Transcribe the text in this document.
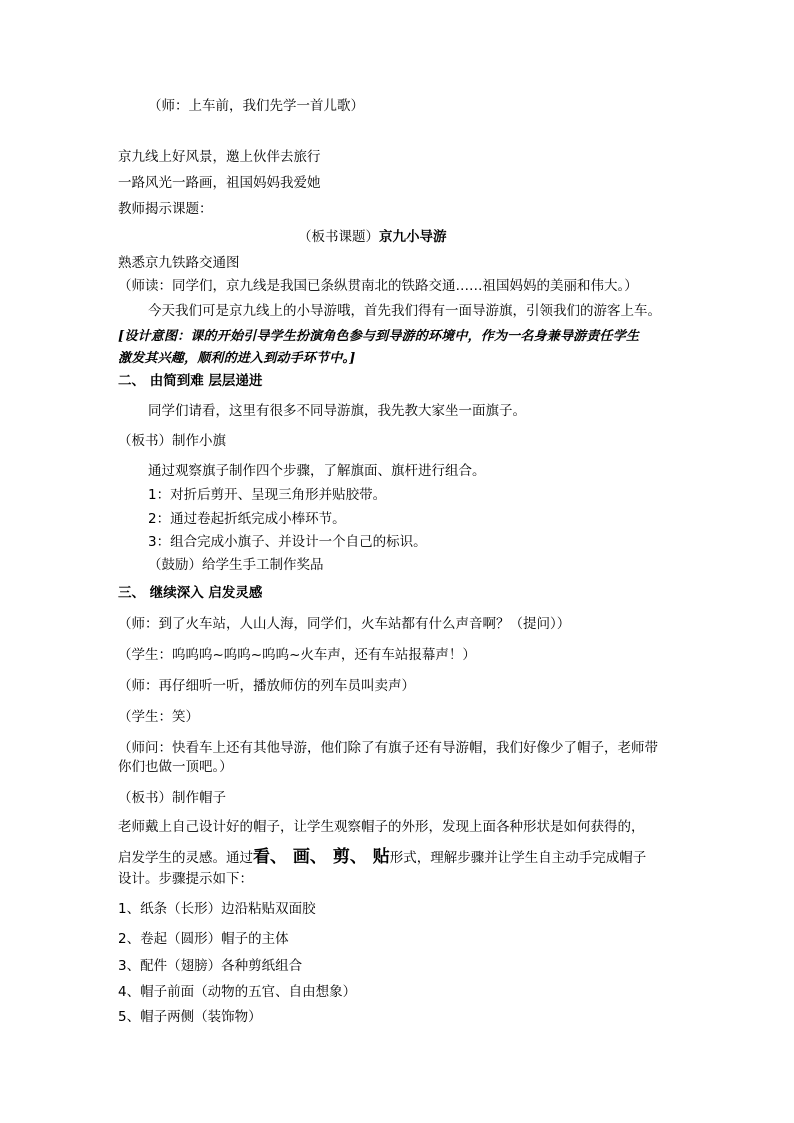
（师：上车前，我们先学一首儿歌）
京九线上好风景，邀上伙伴去旅行
一路风光一路画，祖国妈妈我爱她
教师揭示课题：
（板书课题）京九小导游
熟悉京九铁路交通图
（师读：同学们，京九线是我国已条纵贯南北的铁路交通……祖国妈妈的美丽和伟大。）
今天我们可是京九线上的小导游哦，首先我们得有一面导游旗，引领我们的游客上车。
[设计意图：课的开始引导学生扮演角色参与到导游的环境中，作为一名身兼导游责任学生
激发其兴趣，顺利的进入到动手环节中。]
二、 由简到难 层层递进
同学们请看，这里有很多不同导游旗，我先教大家坐一面旗子。
（板书）制作小旗
通过观察旗子制作四个步骤，了解旗面、旗杆进行组合。
1：对折后剪开、呈现三角形并贴胶带。
2：通过卷起折纸完成小棒环节。
3：组合完成小旗子、并设计一个自己的标识。
（鼓励）给学生手工制作奖品
三、 继续深入 启发灵感
（师：到了火车站，人山人海，同学们，火车站都有什么声音啊？（提问））
（学生：呜呜呜~呜呜~呜呜~火车声，还有车站报幕声！）
（师：再仔细听一听，播放师仿的列车员叫卖声）
（学生：笑）
（师问：快看车上还有其他导游，他们除了有旗子还有导游帽，我们好像少了帽子，老师带
你们也做一顶吧。）
（板书）制作帽子
老师戴上自己设计好的帽子，让学生观察帽子的外形，发现上面各种形状是如何获得的，
启发学生的灵感。通过看、 画、 剪、 贴形式，理解步骤并让学生自主动手完成帽子
设计。步骤提示如下：
1、纸条（长形）边沿粘贴双面胶
2、卷起（圆形）帽子的主体
3、配件（翅膀）各种剪纸组合
4、帽子前面（动物的五官、自由想象）
5、帽子两侧（装饰物）
